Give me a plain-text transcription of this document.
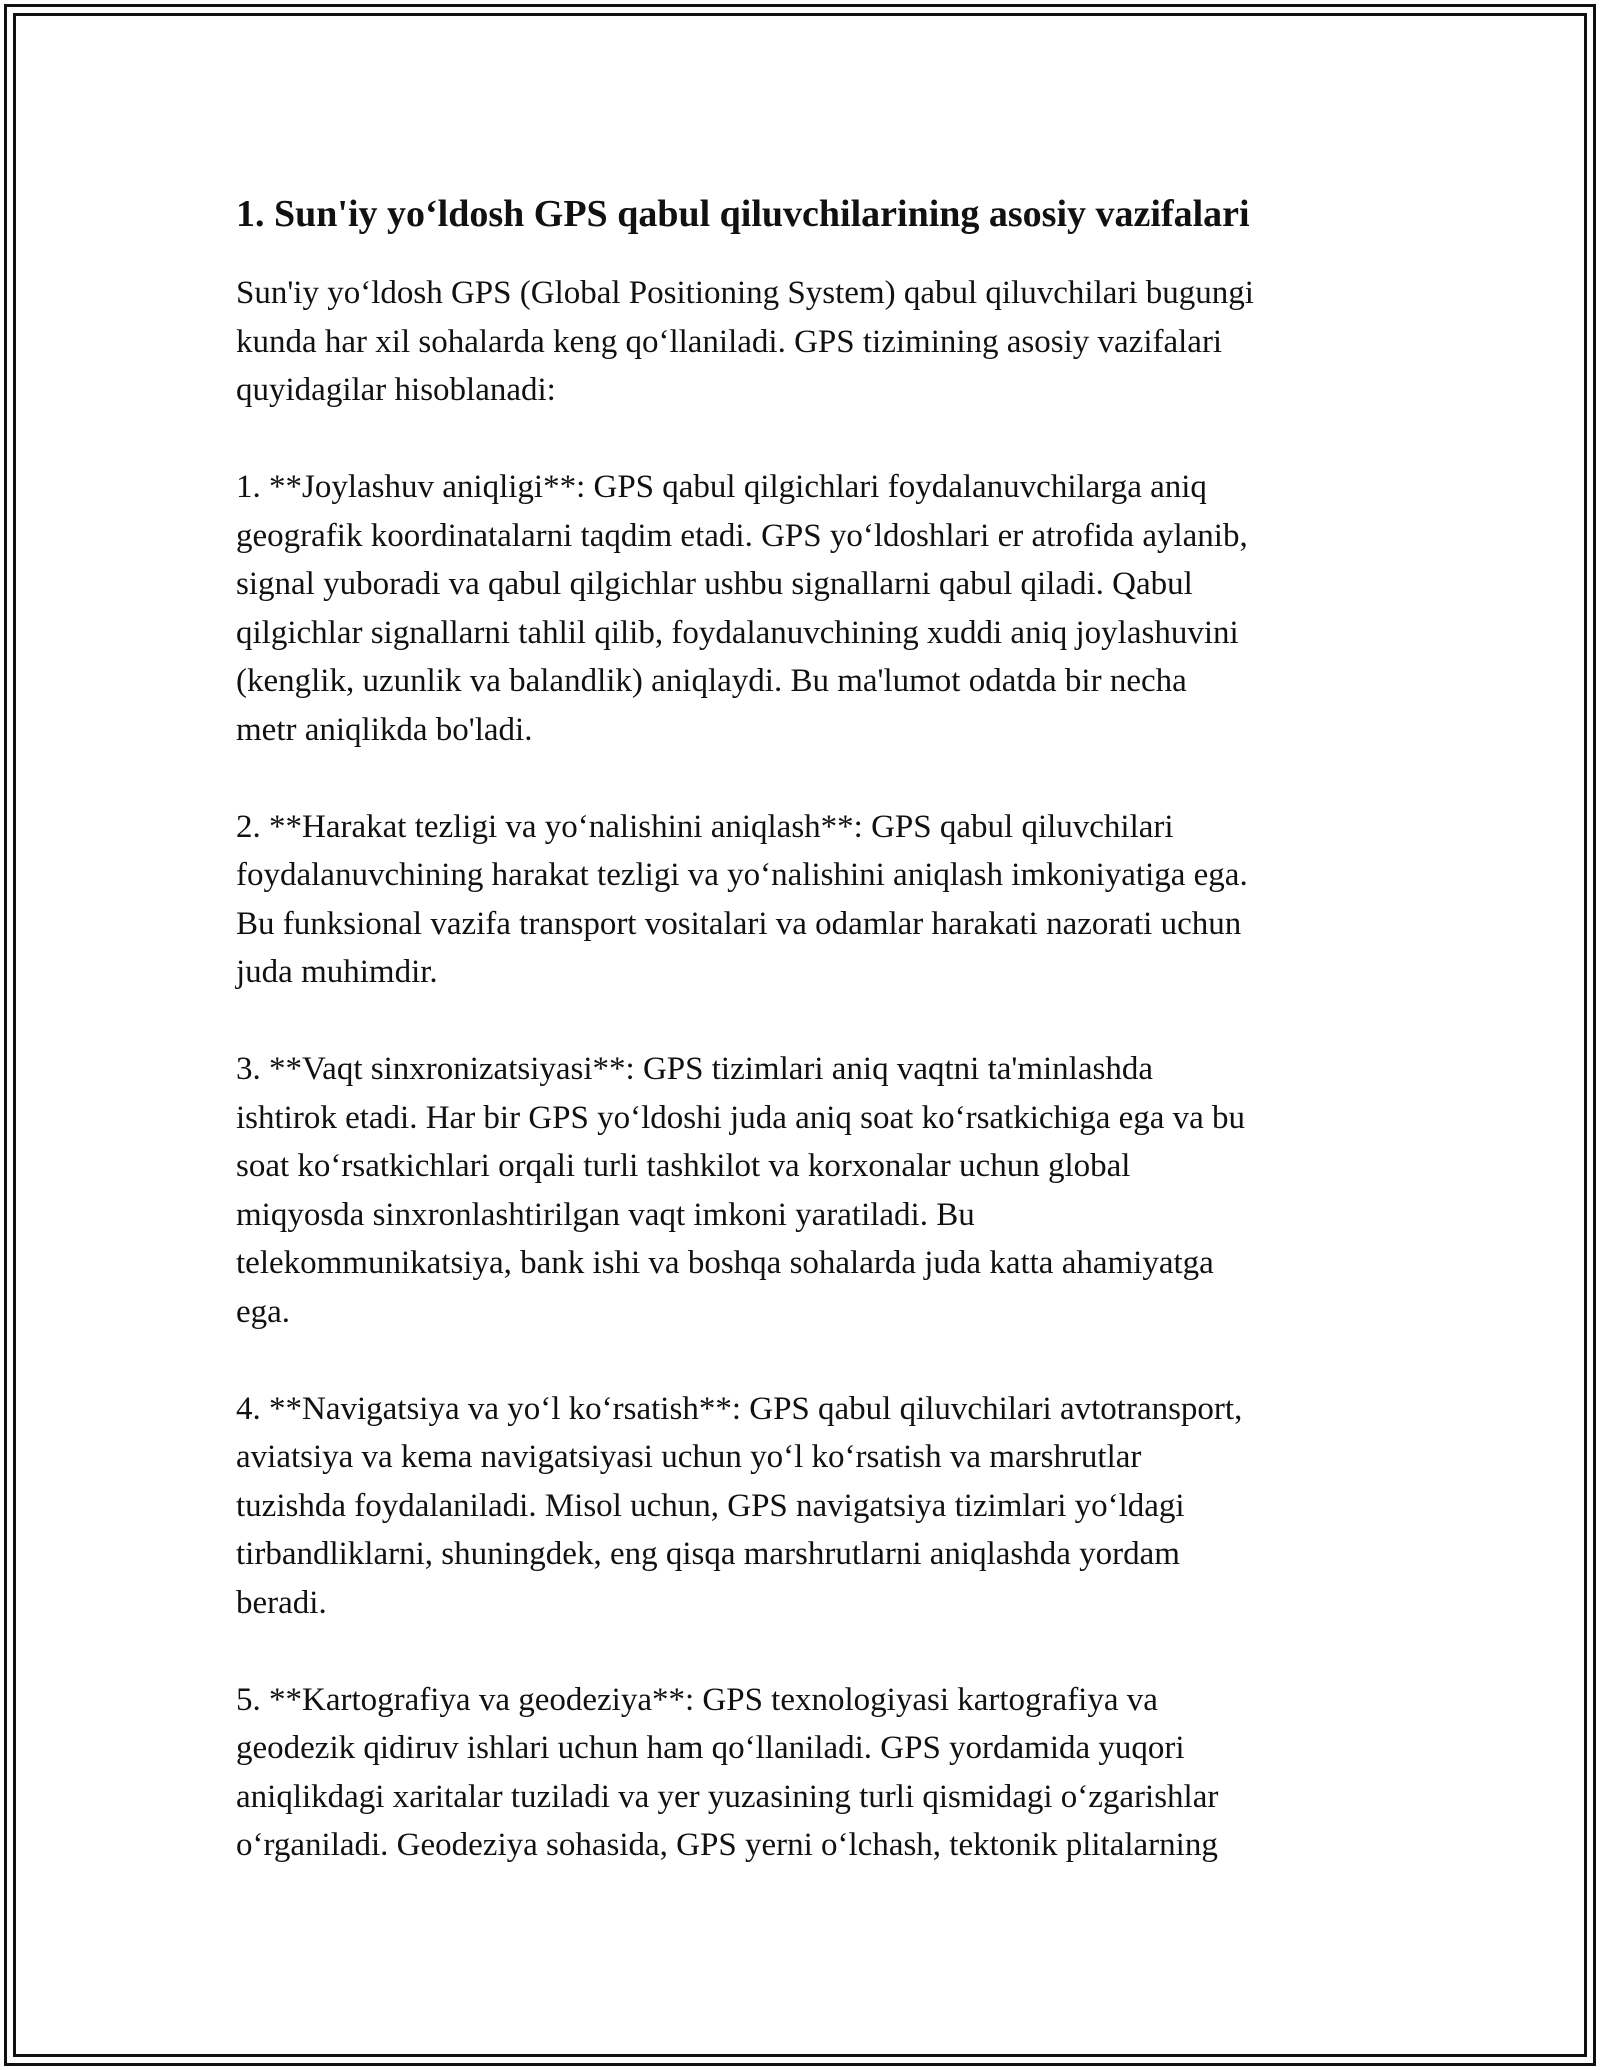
1. Sun'iy yo‘ldosh GPS qabul qiluvchilarining asosiy vazifalari

Sun'iy yo‘ldosh GPS (Global Positioning System) qabul qiluvchilari bugungi
kunda har xil sohalarda keng qo‘llaniladi. GPS tizimining asosiy vazifalari
quyidagilar hisoblanadi:

1. **Joylashuv aniqligi**: GPS qabul qilgichlari foydalanuvchilarga aniq
geografik koordinatalarni taqdim etadi. GPS yo‘ldoshlari er atrofida aylanib,
signal yuboradi va qabul qilgichlar ushbu signallarni qabul qiladi. Qabul
qilgichlar signallarni tahlil qilib, foydalanuvchining xuddi aniq joylashuvini
(kenglik, uzunlik va balandlik) aniqlaydi. Bu ma'lumot odatda bir necha
metr aniqlikda bo'ladi.

2. **Harakat tezligi va yo‘nalishini aniqlash**: GPS qabul qiluvchilari
foydalanuvchining harakat tezligi va yo‘nalishini aniqlash imkoniyatiga ega.
Bu funksional vazifa transport vositalari va odamlar harakati nazorati uchun
juda muhimdir.

3. **Vaqt sinxronizatsiyasi**: GPS tizimlari aniq vaqtni ta'minlashda
ishtirok etadi. Har bir GPS yo‘ldoshi juda aniq soat ko‘rsatkichiga ega va bu
soat ko‘rsatkichlari orqali turli tashkilot va korxonalar uchun global
miqyosda sinxronlashtirilgan vaqt imkoni yaratiladi. Bu
telekommunikatsiya, bank ishi va boshqa sohalarda juda katta ahamiyatga
ega.

4. **Navigatsiya va yo‘l ko‘rsatish**: GPS qabul qiluvchilari avtotransport,
aviatsiya va kema navigatsiyasi uchun yo‘l ko‘rsatish va marshrutlar
tuzishda foydalaniladi. Misol uchun, GPS navigatsiya tizimlari yo‘ldagi
tirbandliklarni, shuningdek, eng qisqa marshrutlarni aniqlashda yordam
beradi.

5. **Kartografiya va geodeziya**: GPS texnologiyasi kartografiya va
geodezik qidiruv ishlari uchun ham qo‘llaniladi. GPS yordamida yuqori
aniqlikdagi xaritalar tuziladi va yer yuzasining turli qismidagi o‘zgarishlar
o‘rganiladi. Geodeziya sohasida, GPS yerni o‘lchash, tektonik plitalarning
